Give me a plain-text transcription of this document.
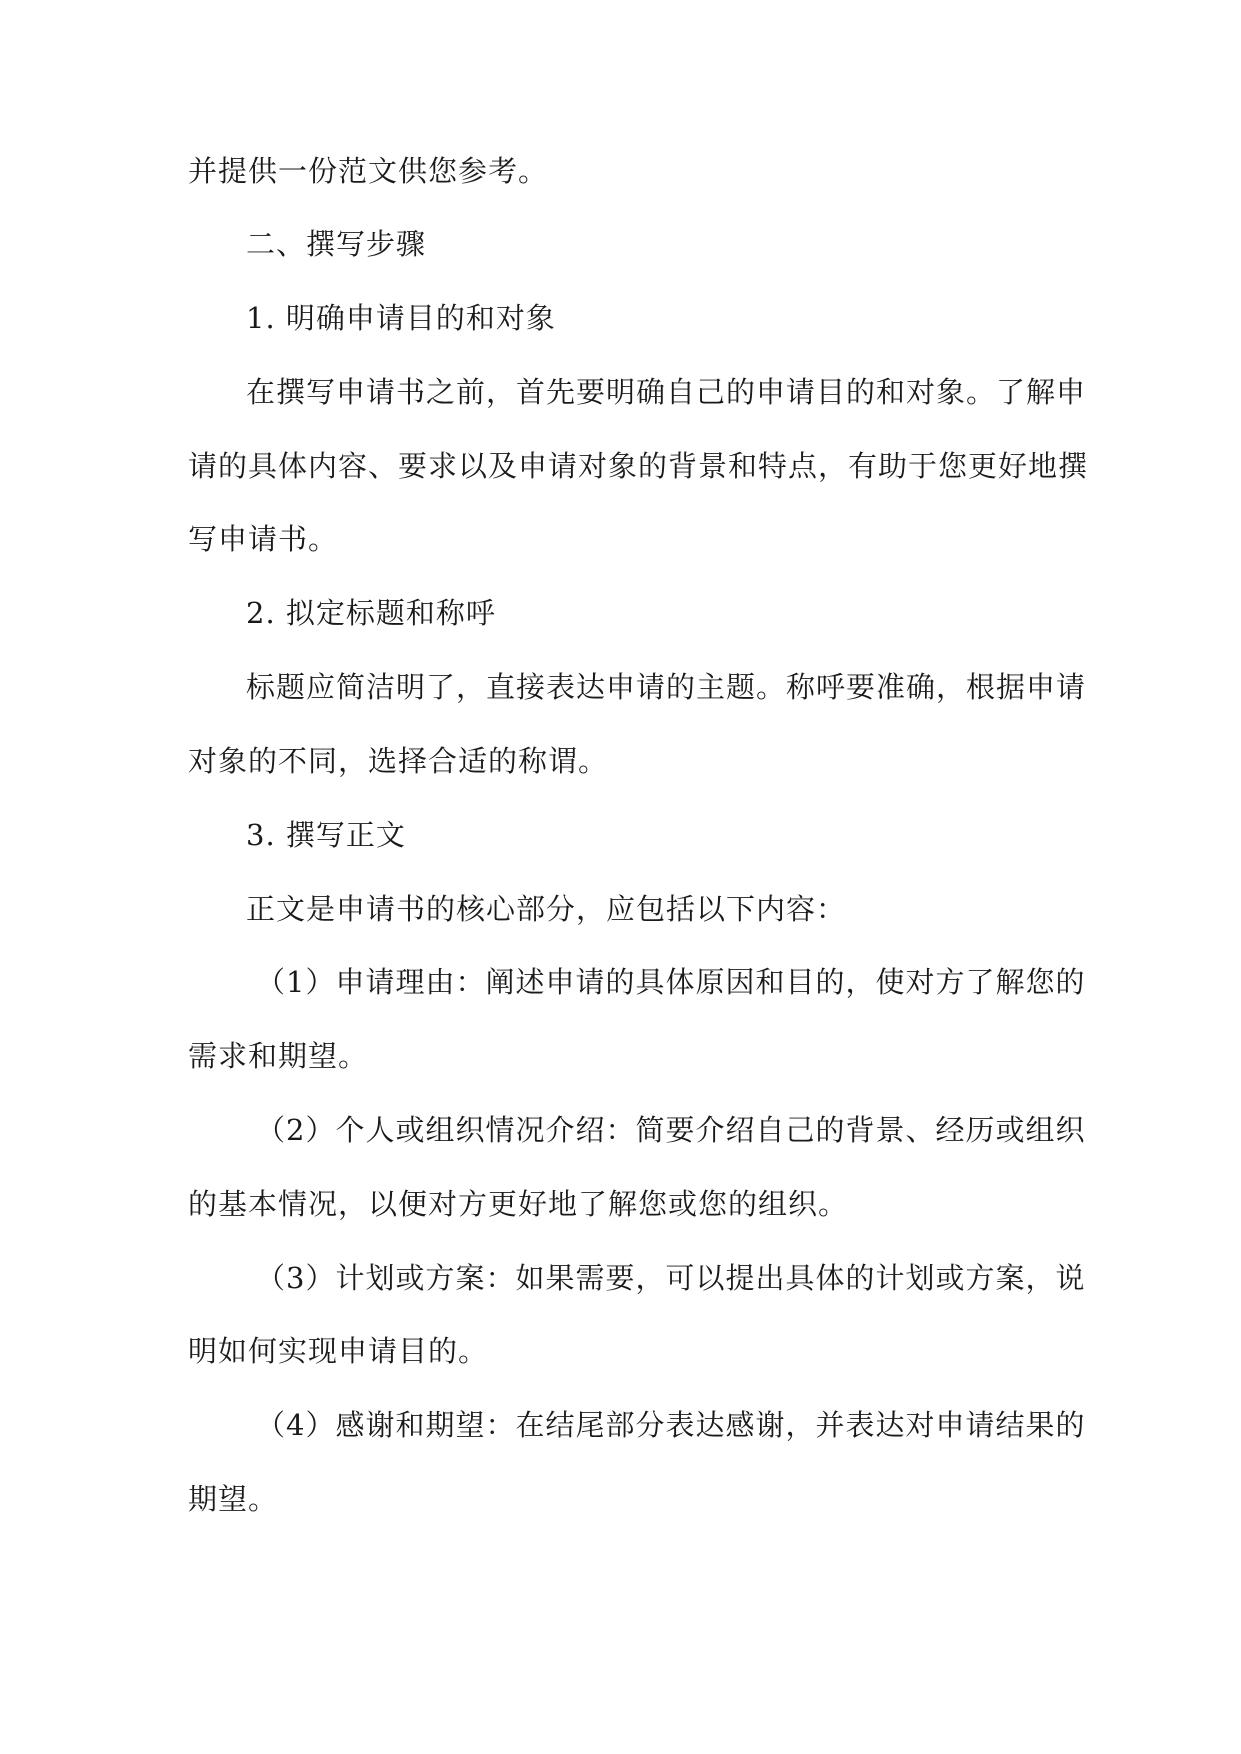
并提供一份范文供您参考。
二、撰写步骤
1. 明确申请目的和对象
在撰写申请书之前，首先要明确自己的申请目的和对象。了解申
请的具体内容、要求以及申请对象的背景和特点，有助于您更好地撰
写申请书。
2. 拟定标题和称呼
标题应简洁明了，直接表达申请的主题。称呼要准确，根据申请
对象的不同，选择合适的称谓。
3. 撰写正文
正文是申请书的核心部分，应包括以下内容：
（1）申请理由：阐述申请的具体原因和目的，使对方了解您的
需求和期望。
（2）个人或组织情况介绍：简要介绍自己的背景、经历或组织
的基本情况，以便对方更好地了解您或您的组织。
（3）计划或方案：如果需要，可以提出具体的计划或方案，说
明如何实现申请目的。
（4）感谢和期望：在结尾部分表达感谢，并表达对申请结果的
期望。
